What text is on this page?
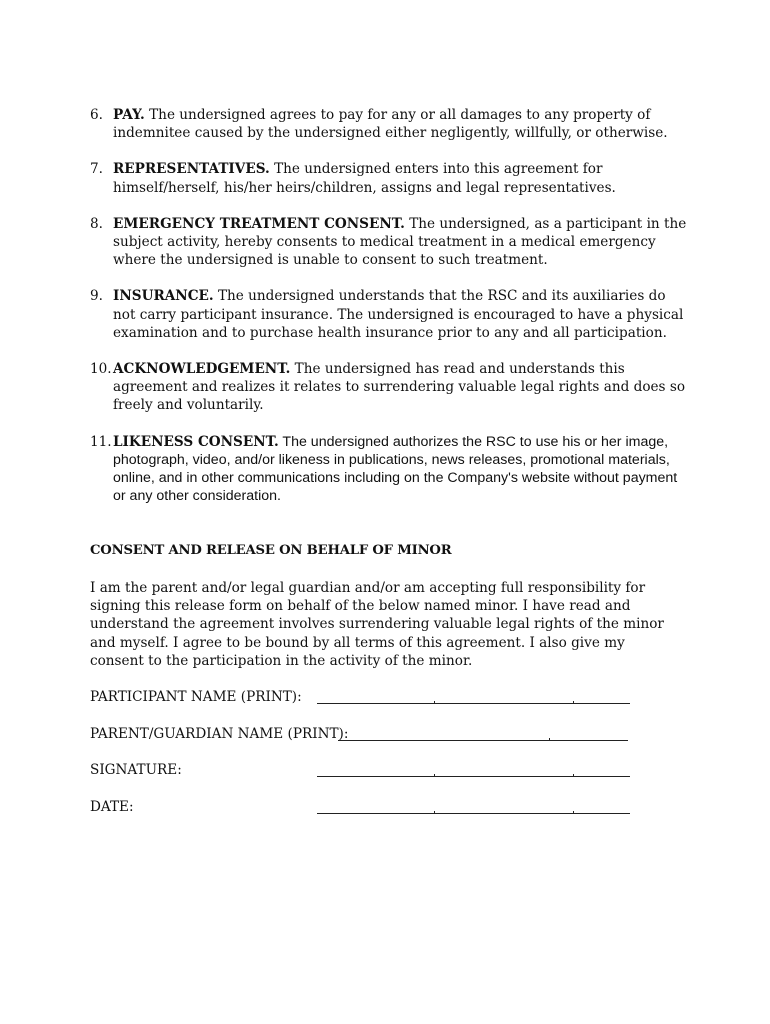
6. PAY. The undersigned agrees to pay for any or all damages to any property of indemnitee caused by the undersigned either negligently, willfully, or otherwise.
7. REPRESENTATIVES. The undersigned enters into this agreement for himself/herself, his/her heirs/children, assigns and legal representatives.
8. EMERGENCY TREATMENT CONSENT. The undersigned, as a participant in the subject activity, hereby consents to medical treatment in a medical emergency where the undersigned is unable to consent to such treatment.
9. INSURANCE. The undersigned understands that the RSC and its auxiliaries do not carry participant insurance. The undersigned is encouraged to have a physical examination and to purchase health insurance prior to any and all participation.
10. ACKNOWLEDGEMENT. The undersigned has read and understands this agreement and realizes it relates to surrendering valuable legal rights and does so freely and voluntarily.
11. LIKENESS CONSENT. The undersigned authorizes the RSC to use his or her image, photograph, video, and/or likeness in publications, news releases, promotional materials, online, and in other communications including on the Company's website without payment or any other consideration.
CONSENT AND RELEASE ON BEHALF OF MINOR
I am the parent and/or legal guardian and/or am accepting full responsibility for signing this release form on behalf of the below named minor. I have read and understand the agreement involves surrendering valuable legal rights of the minor and myself. I agree to be bound by all terms of this agreement. I also give my consent to the participation in the activity of the minor.
PARTICIPANT NAME (PRINT):
PARENT/GUARDIAN NAME (PRINT):
SIGNATURE:
DATE:
